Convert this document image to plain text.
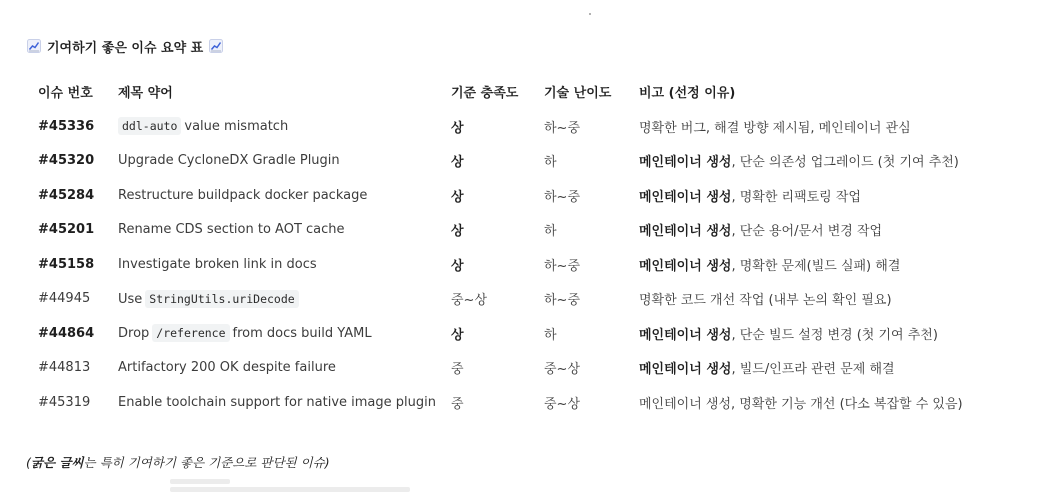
기여하기 좋은 이슈 요약 표
이슈 번호	제목 약어	기준 충족도	기술 난이도	비고 (선정 이유)
#45336	ddl-auto value mismatch	상	하~중	명확한 버그, 해결 방향 제시됨, 메인테이너 관심
#45320	Upgrade CycloneDX Gradle Plugin	상	하	메인테이너 생성, 단순 의존성 업그레이드 (첫 기여 추천)
#45284	Restructure buildpack docker package	상	하~중	메인테이너 생성, 명확한 리팩토링 작업
#45201	Rename CDS section to AOT cache	상	하	메인테이너 생성, 단순 용어/문서 변경 작업
#45158	Investigate broken link in docs	상	하~중	메인테이너 생성, 명확한 문제(빌드 실패) 해결
#44945	Use StringUtils.uriDecode	중~상	하~중	명확한 코드 개선 작업 (내부 논의 확인 필요)
#44864	Drop /reference from docs build YAML	상	하	메인테이너 생성, 단순 빌드 설정 변경 (첫 기여 추천)
#44813	Artifactory 200 OK despite failure	중	중~상	메인테이너 생성, 빌드/인프라 관련 문제 해결
#45319	Enable toolchain support for native image plugin	중	중~상	메인테이너 생성, 명확한 기능 개선 (다소 복잡할 수 있음)
(굵은 글씨는 특히 기여하기 좋은 기준으로 판단된 이슈)
